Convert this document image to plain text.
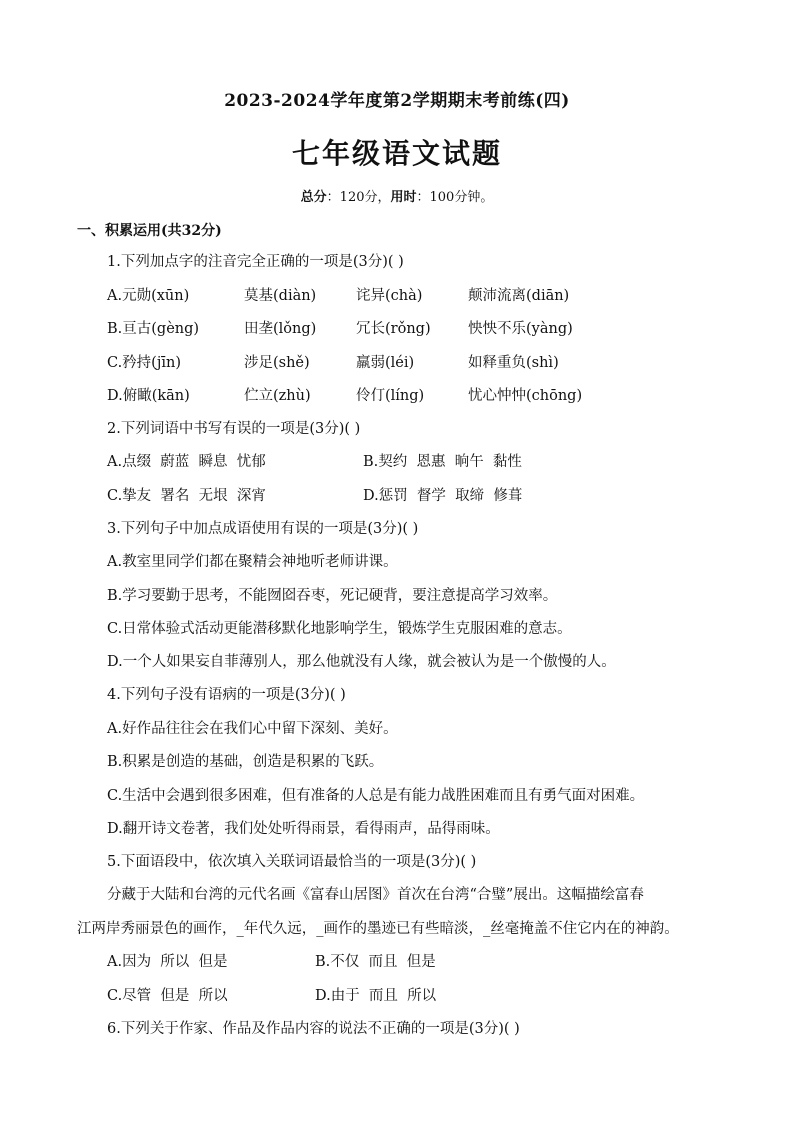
2023-2024学年度第2学期期末考前练(四)
七年级语文试题
总分：120分，用时：100分钟。
一、积累运用(共32分)
1.下列加点字的注音完全正确的一项是(3分)( )
A.元勋(xūn)	莫基(diàn)	诧异(chà)	颠沛流离(diān)
B.亘古(gèng)	田垄(lǒng)	冗长(rǒng)	怏怏不乐(yàng)
C.矜持(jīn)	涉足(shě)	羸弱(léi)	如释重负(shì)
D.俯瞰(kān)	伫立(zhù)	伶仃(líng)	忧心忡忡(chōng)
2.下列词语中书写有误的一项是(3分)( )
A.点缀  蔚蓝  瞬息  忧郁	B.契约  恩惠  晌午  黏性
C.挚友  署名  无垠  深宵	D.惩罚  督学  取缔  修葺
3.下列句子中加点成语使用有误的一项是(3分)( )
A.教室里同学们都在聚精会神地听老师讲课。
B.学习要勤于思考，不能囫囵吞枣，死记硬背，要注意提高学习效率。
C.日常体验式活动更能潜移默化地影响学生，锻炼学生克服困难的意志。
D.一个人如果妄自菲薄别人，那么他就没有人缘，就会被认为是一个傲慢的人。
4.下列句子没有语病的一项是(3分)( )
A.好作品往往会在我们心中留下深刻、美好。
B.积累是创造的基础，创造是积累的飞跃。
C.生活中会遇到很多困难，但有准备的人总是有能力战胜困难而且有勇气面对困难。
D.翻开诗文卷著，我们处处听得雨景，看得雨声，品得雨味。
5.下面语段中，依次填入关联词语最恰当的一项是(3分)( )
分藏于大陆和台湾的元代名画《富春山居图》首次在台湾“合璧”展出。这幅描绘富春
江两岸秀丽景色的画作，_年代久远，_画作的墨迹已有些暗淡，_丝毫掩盖不住它内在的神韵。
A.因为  所以  但是	B.不仅  而且  但是
C.尽管  但是  所以	D.由于  而且  所以
6.下列关于作家、作品及作品内容的说法不正确的一项是(3分)( )
